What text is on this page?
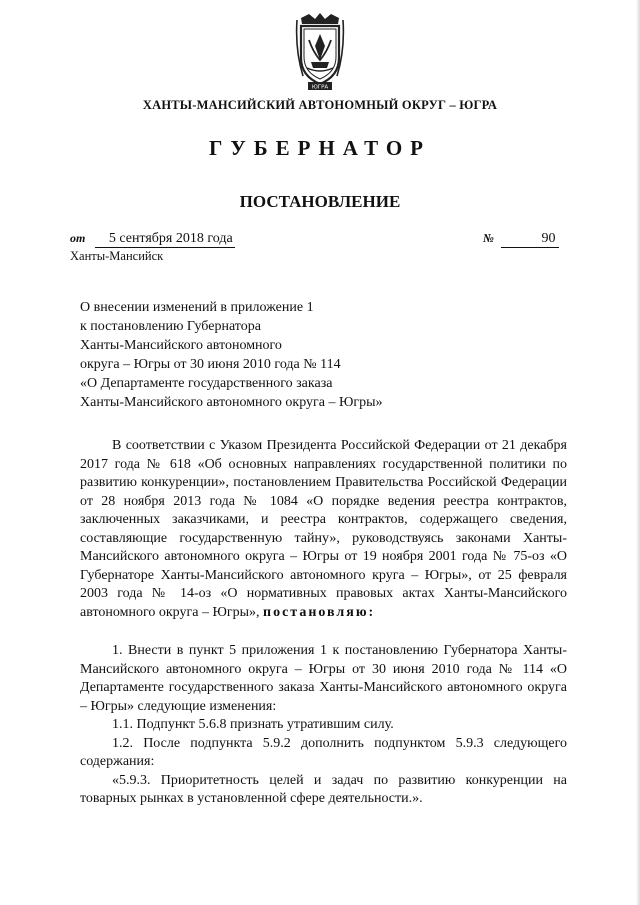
ЮГРА
ХАНТЫ-МАНСИЙСКИЙ АВТОНОМНЫЙ ОКРУГ – ЮГРА
ГУБЕРНАТОР
ПОСТАНОВЛЕНИЕ
от 5 сентября 2018 года	№	90
Ханты-Мансийск
О внесении изменений в приложение 1
к постановлению Губернатора
Ханты-Мансийского автономного
округа – Югры от 30 июня 2010 года № 114
«О Департаменте государственного заказа
Ханты-Мансийского автономного округа – Югры»

В соответствии с Указом Президента Российской Федерации от 21 декабря 2017 года № 618 «Об основных направлениях государственной политики по развитию конкуренции», постановлением Правительства Российской Федерации от 28 ноября 2013 года № 1084 «О порядке ведения реестра контрактов, заключенных заказчиками, и реестра контрактов, содержащего сведения, составляющие государственную тайну», руководствуясь законами Ханты-Мансийского автономного округа – Югры от 19 ноября 2001 года № 75-оз «О Губернаторе Ханты-Мансийского автономного круга – Югры», от 25 февраля 2003 года № 14-оз «О нормативных правовых актах Ханты-Мансийского автономного округа – Югры», постановляю:

1. Внести в пункт 5 приложения 1 к постановлению Губернатора Ханты-Мансийского автономного округа – Югры от 30 июня 2010 года № 114 «О Департаменте государственного заказа Ханты-Мансийского автономного округа – Югры» следующие изменения:

1.1. Подпункт 5.6.8 признать утратившим силу.

1.2. После подпункта 5.9.2 дополнить подпунктом 5.9.3 следующего содержания:

«5.9.3. Приоритетность целей и задач по развитию конкуренции на товарных рынках в установленной сфере деятельности.».
